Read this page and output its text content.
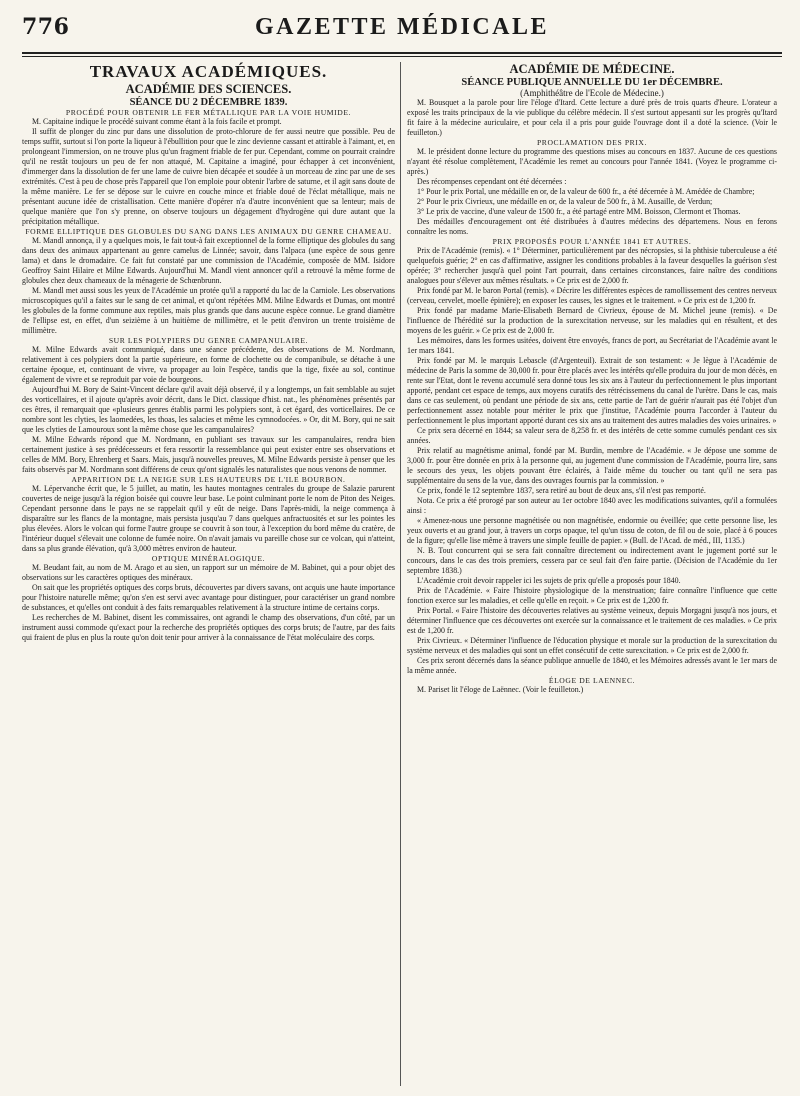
776	GAZETTE MÉDICALE

TRAVAUX ACADÉMIQUES.

ACADÉMIE DES SCIENCES.

SÉANCE DU 2 DÉCEMBRE 1839.

PROCÉDÉ POUR OBTENIR LE FER MÉTALLIQUE PAR LA VOIE HUMIDE.

M. Capitaine indique le procédé suivant comme étant à la fois facile et prompt.

Il suffit de plonger du zinc pur dans une dissolution de proto-chlorure de fer aussi neutre que possible. Peu de temps suffit, surtout si l'on porte la liqueur à l'ébullition pour que le zinc devienne cassant et attirable à l'aimant, et, en prolongeant l'immersion, on ne trouve plus qu'un fragment friable de fer pur. Cependant, comme on pourrait craindre qu'il ne restât toujours un peu de fer non attaqué, M. Capitaine a imaginé, pour échapper à cet inconvénient, d'immerger dans la dissolution de fer une lame de cuivre bien décapée et soudée à un morceau de zinc par une de ses extrémités. C'est à peu de chose près l'appareil que l'on emploie pour obtenir l'arbre de saturne, et il agit sans doute de la même manière. Le fer se dépose sur le cuivre en couche mince et friable doué de l'éclat métallique, mais ne présentant aucune idée de cristallisation. Cette manière d'opérer n'a d'autre inconvénient que sa lenteur; mais de quelque manière que l'on s'y prenne, on observe toujours un dégagement d'hydrogène qui dure autant que la précipitation métallique.

FORME ELLIPTIQUE DES GLOBULES DU SANG DANS LES ANIMAUX DU GENRE CHAMEAU.

M. Mandl annonça, il y a quelques mois, le fait tout-à fait exceptionnel de la forme elliptique des globules du sang dans deux des animaux appartenant au genre camelus de Linnée; savoir, dans l'alpaca (une espèce de sous genre lama) et dans le dromadaire. Ce fait fut constaté par une commission de l'Académie, composée de MM. Isidore Geoffroy Saint Hilaire et Milne Edwards. Aujourd'hui M. Mandl vient annoncer qu'il a retrouvé la même forme de globules chez deux chameaux de la ménagerie de Schœnbrunn.

M. Mandl met aussi sous les yeux de l'Académie un protée qu'il a rapporté du lac de la Carniole. Les observations microscopiques qu'il a faites sur le sang de cet animal, et qu'ont répétées MM. Milne Edwards et Dumas, ont montré les globules de la forme commune aux reptiles, mais plus grands que dans aucune espèce connue. Le grand diamètre de l'ellipse est, en effet, d'un seizième à un huitième de millimètre, et le petit d'environ un trente troisième de millimètre.

SUR LES POLYPIERS DU GENRE CAMPANULAIRE.

M. Milne Edwards avait communiqué, dans une séance précédente, des observations de M. Nordmann, relativement à ces polypiers dont la partie supérieure, en forme de clochette ou de companibule, se détache à une certaine époque, et, continuant de vivre, va propager au loin l'espèce, tandis que la tige, fixée au sol, continue également de vivre et se reproduit par voie de bourgeons.

Aujourd'hui M. Bory de Saint-Vincent déclare qu'il avait déjà observé, il y a longtemps, un fait semblable au sujet des vorticellaires, et il ajoute qu'après avoir décrit, dans le Dict. classique d'hist. nat., les phénomènes présentés par ces êtres, il remarquait que «plusieurs genres établis parmi les polypiers sont, à cet égard, des vorticellaires. De ce nombre sont les clyties, les laomedées, les thoas, les salacies et même les cymnodocées. » Or, dit M. Bory, qui ne sait que les clyties de Lamouroux sont la même chose que les campanulaires?

M. Milne Edwards répond que M. Nordmann, en publiant ses travaux sur les campanulaires, rendra bien certainement justice à ses prédécesseurs et fera ressortir la ressemblance qui peut exister entre ses observations et celles de MM. Bory, Ehrenberg et Saars. Mais, jusqu'à nouvelles preuves, M. Milne Edwards persiste à penser que les faits observés par M. Nordmann sont différens de ceux qu'ont signalés les naturalistes que nous venons de nommer.

APPARITION DE LA NEIGE SUR LES HAUTEURS DE L'ILE BOURBON.

M. Lépervanche écrit que, le 5 juillet, au matin, les hautes montagnes centrales du groupe de Salazie parurent couvertes de neige jusqu'à la région boisée qui couvre leur base. Le point culminant porte le nom de Piton des Neiges. Cependant personne dans le pays ne se rappelait qu'il y eût de neige. Dans l'après-midi, la neige commença à disparaître sur les flancs de la montagne, mais persista jusqu'au 7 dans quelques anfractuosités et sur les pointes les plus élevées. Alors le volcan qui forme l'autre groupe se couvrit à son tour, à l'exception du bord même du cratère, de l'intérieur duquel s'élevait une colonne de fumée noire. On n'avait jamais vu pareille chose sur ce volcan, qui n'atteint, dans sa plus grande élévation, qu'à 3,000 mètres environ de hauteur.

OPTIQUE MINÉRALOGIQUE.

M. Beudant fait, au nom de M. Arago et au sien, un rapport sur un mémoire de M. Babinet, qui a pour objet des observations sur les caractères optiques des minéraux.

On sait que les propriétés optiques des corps bruts, découvertes par divers savans, ont acquis une haute importance pour l'histoire naturelle même; qu'on s'en est servi avec avantage pour distinguer, pour caractériser un grand nombre de substances, et qu'elles ont conduit à des faits remarquables relativement à la structure intime de certains corps.

Les recherches de M. Babinet, disent les commissaires, ont agrandi le champ des observations, d'un côté, par un instrument aussi commode qu'exact pour la recherche des propriétés optiques des corps bruts; de l'autre, par des faits qui fraient de plus en plus la route qu'on doit tenir pour arriver à la connaissance de l'état moléculaire des corps.

ACADÉMIE DE MÉDECINE.

SÉANCE PUBLIQUE ANNUELLE DU 1er DÉCEMBRE.

(Amphithéâtre de l'Ecole de Médecine.)

M. Bousquet a la parole pour lire l'éloge d'Itard. Cette lecture a duré près de trois quarts d'heure. L'orateur a exposé les traits principaux de la vie publique du célèbre médecin. Il s'est surtout appesanti sur les progrès qu'Itard fit faire à la médecine auriculaire, et pour cela il a pris pour guide l'ouvrage dont il a doté la science. (Voir le feuilleton.)

PROCLAMATION DES PRIX.

M. le président donne lecture du programme des questions mises au concours en 1837. Aucune de ces questions n'ayant été résolue complètement, l'Académie les remet au concours pour l'année 1841. (Voyez le programme ci-après.)

Des récompenses cependant ont été décernées :

1° Pour le prix Portal, une médaille en or, de la valeur de 600 fr., a été décernée à M. Amédée de Chambre;

2° Pour le prix Civrieux, une médaille en or, de la valeur de 500 fr., à M. Ausaille, de Verdun;

3° Le prix de vaccine, d'une valeur de 1500 fr., a été partagé entre MM. Boisson, Clermont et Thomas.

Des médailles d'encouragement ont été distribuées à d'autres médecins des départemens. Nous en ferons connaître les noms.

PRIX PROPOSÉS POUR L'ANNÉE 1841 ET AUTRES.

Prix de l'Académie (remis). « 1° Déterminer, particulièrement par des nécropsies, si la phthisie tuberculeuse a été quelquefois guérie; 2° en cas d'affirmative, assigner les conditions probables à la faveur desquelles la guérison s'est opérée; 3° rechercher jusqu'à quel point l'art pourrait, dans certaines circonstances, faire naître des conditions analogues pour s'élever aux mêmes résultats. » Ce prix est de 2,000 fr.

Prix fondé par M. le baron Portal (remis). « Décrire les différentes espèces de ramollissement des centres nerveux (cerveau, cervelet, moelle épinière); en exposer les causes, les signes et le traitement. » Ce prix est de 1,200 fr.

Prix fondé par madame Marie-Elisabeth Bernard de Civrieux, épouse de M. Michel jeune (remis). « De l'influence de l'hérédité sur la production de la surexcitation nerveuse, sur les maladies qui en résultent, et des moyens de les guérir. » Ce prix est de 2,000 fr.

Les mémoires, dans les formes usitées, doivent être envoyés, francs de port, au Secrétariat de l'Académie avant le 1er mars 1841.

Prix fondé par M. le marquis Lebascle (d'Argenteuil). Extrait de son testament: « Je lègue à l'Académie de médecine de Paris la somme de 30,000 fr. pour être placés avec les intérêts qu'elle produira du jour de mon décès, en rente sur l'Etat, dont le revenu accumulé sera donné tous les six ans à l'auteur du perfectionnement le plus important apporté, pendant cet espace de temps, aux moyens curatifs des rétrécissemens du canal de l'urètre. Dans le cas, mais dans ce cas seulement, où pendant une période de six ans, cette partie de l'art de guérir n'aurait pas été l'objet d'un perfectionnement assez notable pour mériter le prix que j'institue, l'Académie pourra l'accorder à l'auteur du perfectionnement le plus important apporté durant ces six ans au traitement des autres maladies des voies urinaires. »

Ce prix sera décerné en 1844; sa valeur sera de 8,258 fr. et des intérêts de cette somme cumulés pendant ces six années.

Prix relatif au magnétisme animal, fondé par M. Burdin, membre de l'Académie. « Je dépose une somme de 3,000 fr. pour être donnée en prix à la personne qui, au jugement d'une commission de l'Académie, pourra lire, sans le secours des yeux, les objets pouvant être éclairés, à l'aide même du toucher ou tant qu'il ne sera pas supplémentaire du sens de la vue, dans des ouvrages fournis par la commission. »

Ce prix, fondé le 12 septembre 1837, sera retiré au bout de deux ans, s'il n'est pas remporté.

Nota. Ce prix a été prorogé par son auteur au 1er octobre 1840 avec les modifications suivantes, qu'il a formulées ainsi :

« Amenez-nous une personne magnétisée ou non magnétisée, endormie ou éveillée; que cette personne lise, les yeux ouverts et au grand jour, à travers un corps opaque, tel qu'un tissu de coton, de fil ou de soie, placé à 6 pouces de la figure; qu'elle lise même à travers une simple feuille de papier. » (Bull. de l'Acad. de méd., III, 1135.)

N. B. Tout concurrent qui se sera fait connaître directement ou indirectement avant le jugement porté sur le concours, dans le cas des trois premiers, cessera par ce seul fait d'en faire partie. (Décision de l'Académie du 1er septembre 1838.)

L'Académie croit devoir rappeler ici les sujets de prix qu'elle a proposés pour 1840.

Prix de l'Académie. « Faire l'histoire physiologique de la menstruation; faire connaître l'influence que cette fonction exerce sur les maladies, et celle qu'elle en reçoit. » Ce prix est de 1,200 fr.

Prix Portal. « Faire l'histoire des découvertes relatives au système veineux, depuis Morgagni jusqu'à nos jours, et déterminer l'influence que ces découvertes ont exercée sur la connaissance et le traitement de ces maladies. » Ce prix est de 1,200 fr.

Prix Civrieux. « Déterminer l'influence de l'éducation physique et morale sur la production de la surexcitation du système nerveux et des maladies qui sont un effet consécutif de cette surexcitation. » Ce prix est de 2,000 fr.

Ces prix seront décernés dans la séance publique annuelle de 1840, et les Mémoires adressés avant le 1er mars de la même année.

ÉLOGE DE LAENNEC.

M. Pariset lit l'éloge de Laënnec. (Voir le feuilleton.)
